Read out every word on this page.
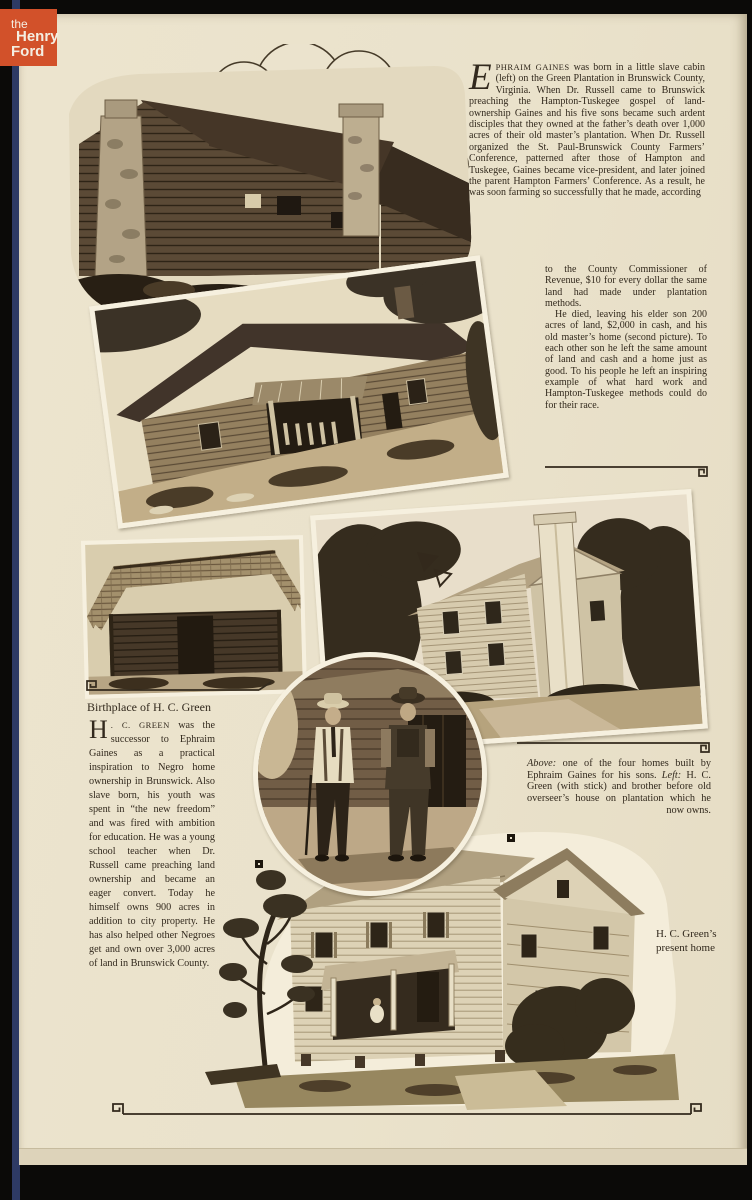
EPHRAIM GAINES was born in a little slave cabin (left) on the Green Plantation in Brunswick County, Virginia. When Dr. Russell came to Brunswick preaching the Hampton-Tuskegee gospel of land-ownership Gaines and his five sons became such ardent disciples that they owned at the father’s death over 1,000 acres of their old master’s plantation. When Dr. Russell organized the St. Paul-Brunswick County Farmers’ Conference, patterned after those of Hampton and Tuskegee, Gaines became vice-president, and later joined the parent Hampton Farmers’ Conference. As a result, he was soon farming so successfully that he made, according

to the County Commissioner of Revenue, $10 for every dollar the same land had made under plantation methods.

He died, leaving his elder son 200 acres of land, $2,000 in cash, and his old master’s home (second picture). To each other son he left the same amount of land and cash and a home just as good. To his people he left an inspiring example of what hard work and Hampton-Tuskegee methods could do for their race.

Birthplace of H. C. Green
H . C. GREEN was the successor to Ephraim Gaines as a practical inspiration to Negro home ownership in Brunswick. Also slave born, his youth was spent in “the new freedom” and was fired with ambition for education. He was a young school teacher when Dr. Russell came preaching land ownership and became an eager convert. Today he himself owns 900 acres in addition to city property. He has also helped other Negroes get and own over 3,000 acres of land in Brunswick County.
Above: one of the four homes built by Ephraim Gaines for his sons. Left: H. C. Green (with stick) and brother before old overseer’s house on plantation which he now owns.
H. C. Green’s present home
the
Henry
Ford
